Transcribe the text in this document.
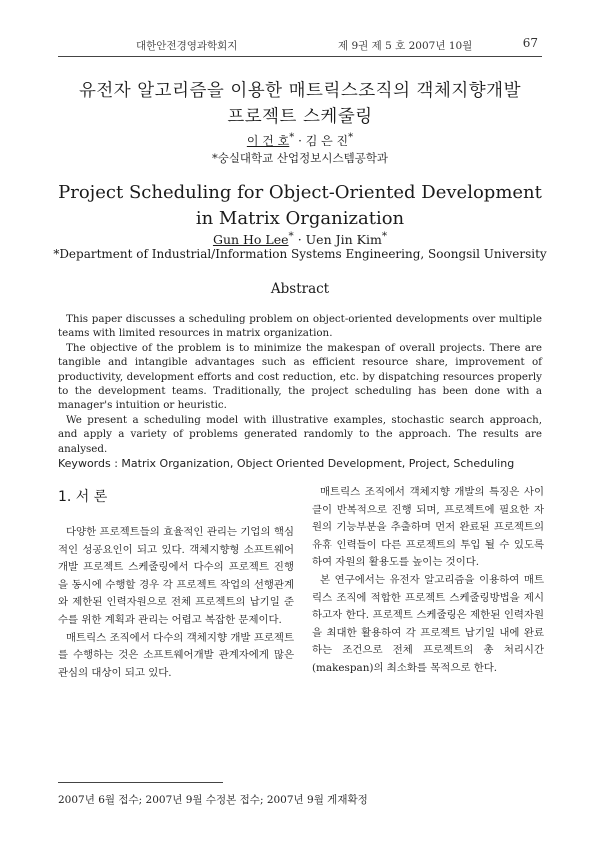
대한안전경영과학회지	제 9권 제 5 호 2007년 10월	67
유전자 알고리즘을 이용한 매트릭스조직의 객체지향개발
프로젝트 스케줄링
이 건 호* · 김 은 진*
*숭실대학교 산업정보시스템공학과
Project Scheduling for Object-Oriented Development
in Matrix Organization
Gun Ho Lee* · Uen Jin Kim*
*Department of Industrial/Information Systems Engineering, Soongsil University
Abstract

This paper discusses a scheduling problem on object-oriented developments over multiple teams with limited resources in matrix organization.

The objective of the problem is to minimize the makespan of overall projects. There are tangible and intangible advantages such as efficient resource share, improvement of productivity, development efforts and cost reduction, etc. by dispatching resources properly to the development teams. Traditionally, the project scheduling has been done with a manager's intuition or heuristic.

We present a scheduling model with illustrative examples, stochastic search approach, and apply a variety of problems generated randomly to the approach. The results are analysed.

Keywords : Matrix Organization, Object Oriented Development, Project, Scheduling

1. 서 론

다양한 프로젝트들의 효율적인 관리는 기업의 핵심적인 성공요인이 되고 있다. 객체지향형 소프트웨어 개발 프로젝트 스케줄링에서 다수의 프로젝트 진행을 동시에 수행할 경우 각 프로젝트 작업의 선행관계와 제한된 인력자원으로 전체 프로젝트의 납기일 준수를 위한 계획과 관리는 어렵고 복잡한 문제이다.

매트릭스 조직에서 다수의 객체지향 개발 프로젝트를 수행하는 것은 소프트웨어개발 관계자에게 많은 관심의 대상이 되고 있다.

매트릭스 조직에서 객체지향 개발의 특징은 사이클이 반복적으로 진행 되며, 프로젝트에 필요한 자원의 기능부분을 추출하며 먼저 완료된 프로젝트의 유휴 인력들이 다른 프로젝트의 투입 될 수 있도록 하여 자원의 활용도를 높이는 것이다.

본 연구에서는 유전자 알고리즘을 이용하여 매트릭스 조직에 적합한 프로젝트 스케줄링방법을 제시하고자 한다. 프로젝트 스케줄링은 제한된 인력자원을 최대한 활용하여 각 프로젝트 납기일 내에 완료하는 조건으로 전체 프로젝트의 총 처리시간(makespan)의 최소화를 목적으로 한다.

2007년 6월 접수; 2007년 9월 수정본 접수; 2007년 9월 게재확정
